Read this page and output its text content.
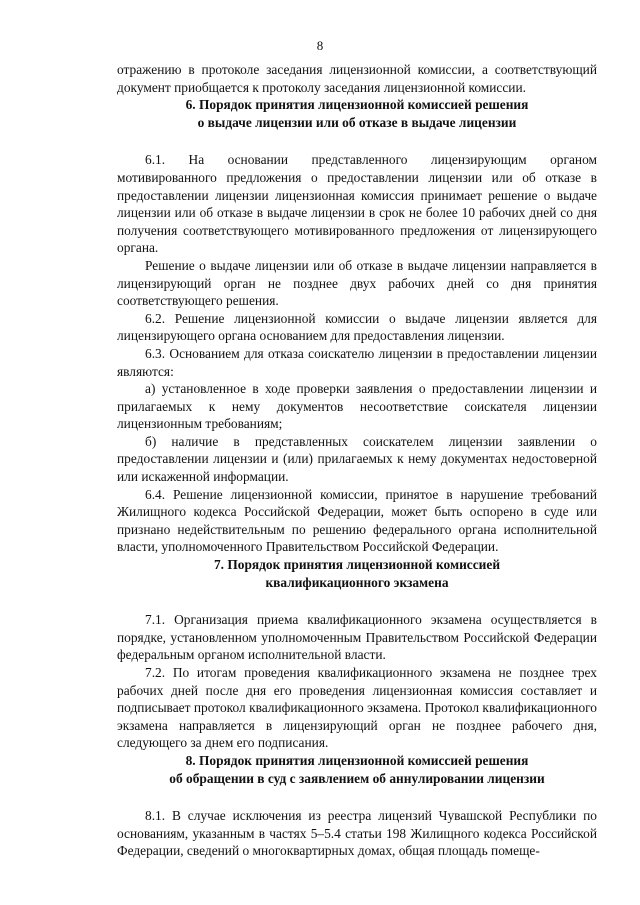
8

отражению в протоколе заседания лицензионной комиссии, а соответствующий документ приобщается к протоколу заседания лицензионной комиссии.

6. Порядок принятия лицензионной комиссией решения
о выдаче лицензии или об отказе в выдаче лицензии

6.1. На основании представленного лицензирующим органом мотивированного предложения о предоставлении лицензии или об отказе в предоставлении лицензии лицензионная комиссия принимает решение о выдаче лицензии или об отказе в выдаче лицензии в срок не более 10 рабочих дней со дня получения соответствующего мотивированного предложения от лицензирующего органа.

Решение о выдаче лицензии или об отказе в выдаче лицензии направляется в лицензирующий орган не позднее двух рабочих дней со дня принятия соответствующего решения.

6.2. Решение лицензионной комиссии о выдаче лицензии является для лицензирующего органа основанием для предоставления лицензии.

6.3. Основанием для отказа соискателю лицензии в предоставлении лицензии являются:

а) установленное в ходе проверки заявления о предоставлении лицензии и прилагаемых к нему документов несоответствие соискателя лицензии лицензионным требованиям;

б) наличие в представленных соискателем лицензии заявлении о предоставлении лицензии и (или) прилагаемых к нему документах недостоверной или искаженной информации.

6.4. Решение лицензионной комиссии, принятое в нарушение требований Жилищного кодекса Российской Федерации, может быть оспорено в суде или признано недействительным по решению федерального органа исполнительной власти, уполномоченного Правительством Российской Федерации.

7. Порядок принятия лицензионной комиссией
квалификационного экзамена

7.1. Организация приема квалификационного экзамена осуществляется в порядке, установленном уполномоченным Правительством Российской Федерации федеральным органом исполнительной власти.

7.2. По итогам проведения квалификационного экзамена не позднее трех рабочих дней после дня его проведения лицензионная комиссия составляет и подписывает протокол квалификационного экзамена. Протокол квалификационного экзамена направляется в лицензирующий орган не позднее рабочего дня, следующего за днем его подписания.

8. Порядок принятия лицензионной комиссией решения
об обращении в суд с заявлением об аннулировании лицензии

8.1. В случае исключения из реестра лицензий Чувашской Республики по основаниям, указанным в частях 5–5.4 статьи 198 Жилищного кодекса Российской Федерации, сведений о многоквартирных домах, общая площадь помеще-
